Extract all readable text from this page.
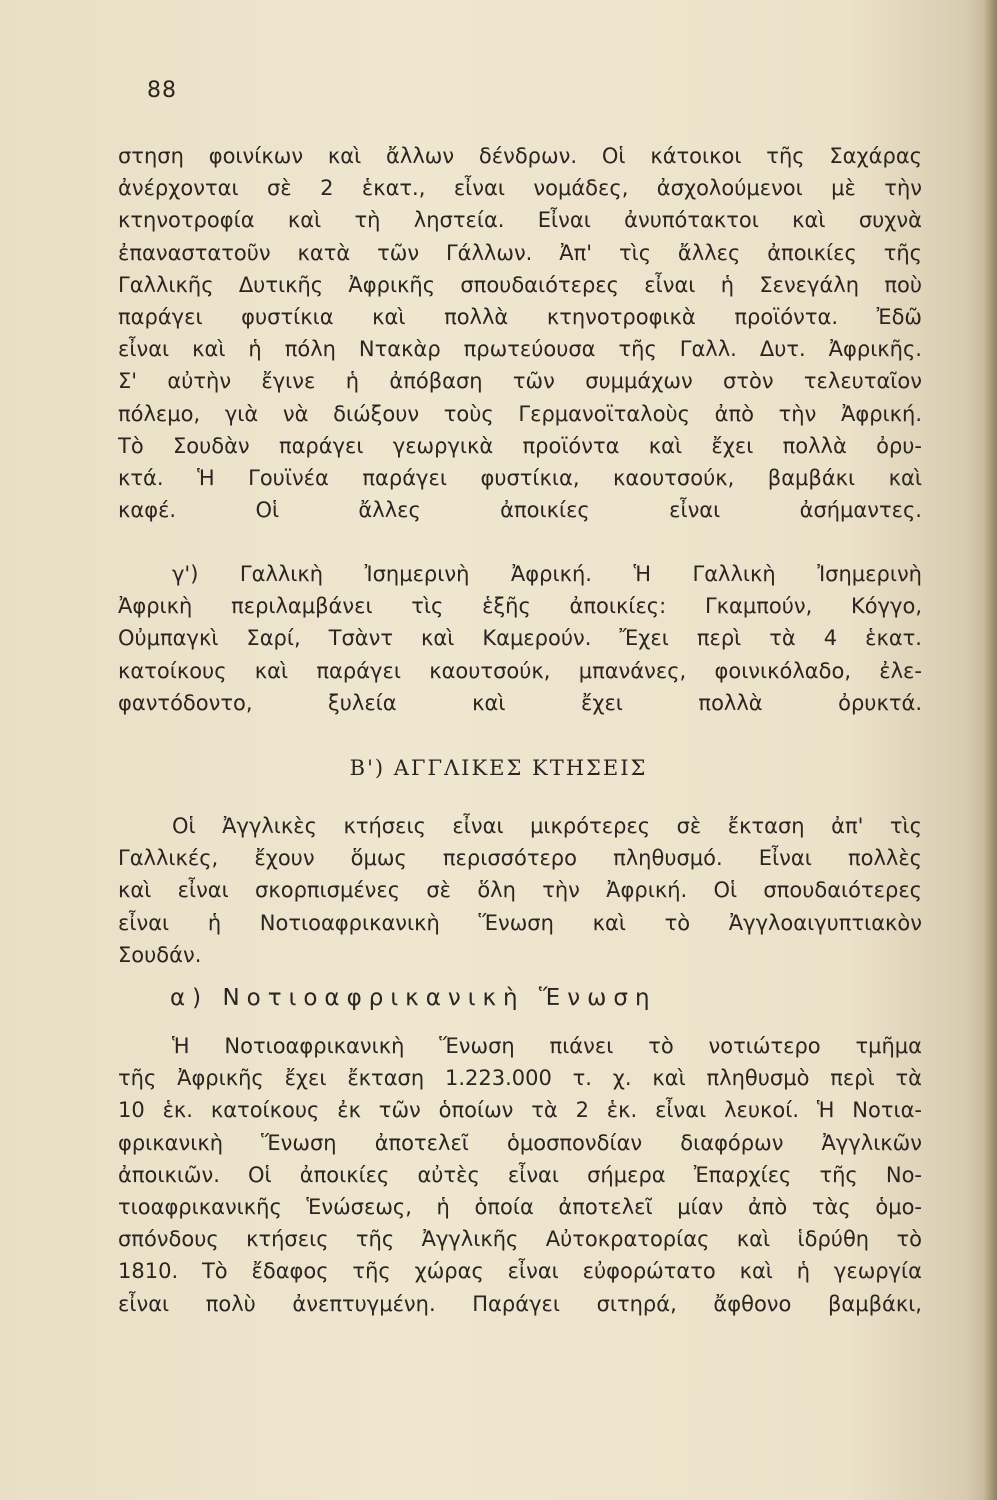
88
στηση φοινίκων καὶ ἄλλων δένδρων. Οἱ κάτοικοι τῆς Σαχάρας
ἀνέρχονται σὲ 2 ἑκατ., εἶναι νομάδες, ἀσχολούμενοι μὲ τὴν
κτηνοτροφία καὶ τὴ ληστεία. Εἶναι ἀνυπότακτοι καὶ συχνὰ
ἐπαναστατοῦν κατὰ τῶν Γάλλων. Ἀπ' τὶς ἄλλες ἀποικίες τῆς
Γαλλικῆς Δυτικῆς Ἀφρικῆς σπουδαιότερες εἶναι ἡ Σενεγάλη ποὺ
παράγει φυστίκια καὶ πολλὰ κτηνοτροφικὰ προϊόντα. Ἐδῶ
εἶναι καὶ ἡ πόλη Ντακὰρ πρωτεύουσα τῆς Γαλλ. Δυτ. Ἀφρικῆς.
Σ' αὐτὴν ἔγινε ἡ ἀπόβαση τῶν συμμάχων στὸν τελευταῖον
πόλεμο, γιὰ νὰ διώξουν τοὺς Γερμανοϊταλοὺς ἀπὸ τὴν Ἀφρική.
Τὸ Σουδὰν παράγει γεωργικὰ προϊόντα καὶ ἔχει πολλὰ ὀρυ-
κτά. Ἡ Γουϊνέα παράγει φυστίκια, καουτσούκ, βαμβάκι καὶ
καφέ. Οἱ ἄλλες ἀποικίες εἶναι ἀσήμαντες.
γ') Γαλλικὴ Ἰσημερινὴ Ἀφρική. Ἡ Γαλλικὴ Ἰσημερινὴ
Ἀφρικὴ περιλαμβάνει τὶς ἑξῆς ἀποικίες: Γκαμπούν, Κόγγο,
Οὐμπαγκὶ Σαρί, Τσὰντ καὶ Καμερούν. Ἔχει περὶ τὰ 4 ἑκατ.
κατοίκους καὶ παράγει καουτσούκ, μπανάνες, φοινικόλαδο, ἐλε-
φαντόδοντο, ξυλεία καὶ ἔχει πολλὰ ὀρυκτά.
Β') ΑΓΓΛΙΚΕΣ ΚΤΗΣΕΙΣ
Οἱ Ἀγγλικὲς κτήσεις εἶναι μικρότερες σὲ ἔκταση ἀπ' τὶς
Γαλλικές, ἔχουν ὅμως περισσότερο πληθυσμό. Εἶναι πολλὲς
καὶ εἶναι σκορπισμένες σὲ ὅλη τὴν Ἀφρική. Οἱ σπουδαιότερες
εἶναι ἡ Νοτιοαφρικανικὴ Ἕνωση καὶ τὸ Ἀγγλοαιγυπτιακὸν
Σουδάν.
α) Νοτιοαφρικανικὴ Ἕνωση
Ἡ Νοτιοαφρικανικὴ Ἕνωση πιάνει τὸ νοτιώτερο τμῆμα
τῆς Ἀφρικῆς ἔχει ἔκταση 1.223.000 τ. χ. καὶ πληθυσμὸ περὶ τὰ
10 ἑκ. κατοίκους ἐκ τῶν ὁποίων τὰ 2 ἑκ. εἶναι λευκοί. Ἡ Νοτια-
φρικανικὴ Ἕνωση ἀποτελεῖ ὁμοσπονδίαν διαφόρων Ἀγγλικῶν
ἀποικιῶν. Οἱ ἀποικίες αὐτὲς εἶναι σήμερα Ἐπαρχίες τῆς Νο-
τιοαφρικανικῆς Ἑνώσεως, ἡ ὁποία ἀποτελεῖ μίαν ἀπὸ τὰς ὁμο-
σπόνδους κτήσεις τῆς Ἀγγλικῆς Αὐτοκρατορίας καὶ ἱδρύθη τὸ
1810. Τὸ ἔδαφος τῆς χώρας εἶναι εὐφορώτατο καὶ ἡ γεωργία
εἶναι πολὺ ἀνεπτυγμένη. Παράγει σιτηρά, ἄφθονο βαμβάκι,
